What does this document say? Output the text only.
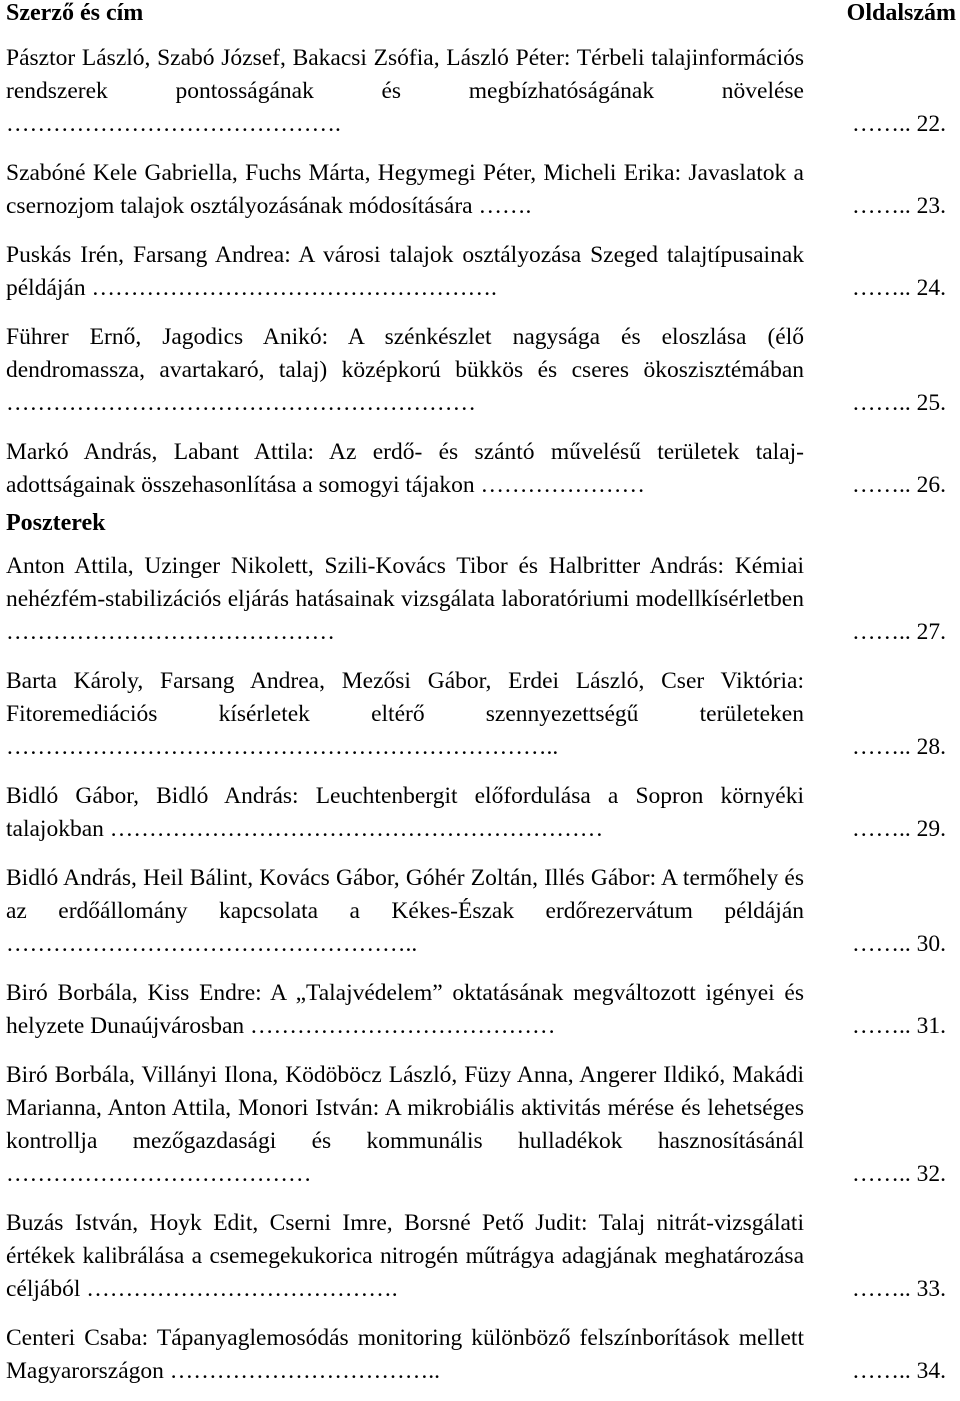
Szerző és cím	Oldalszám
Pásztor László, Szabó József, Bakacsi Zsófia, László Péter: Térbeli talajinformációs rendszerek pontosságának és megbízhatóságának növelése …………………………………….	…….. 22.
Szabóné Kele Gabriella, Fuchs Márta, Hegymegi Péter, Micheli Erika: Javaslatok a csernozjom talajok osztályozásának módosítására …….	…….. 23.
Puskás Irén, Farsang Andrea: A városi talajok osztályozása Szeged talajtípusainak példáján …………………………………………….	…….. 24.
Führer Ernő, Jagodics Anikó: A szénkészlet nagysága és eloszlása (élő dendromassza, avartakaró, talaj) középkorú bükkös és cseres ökoszisztémában ……………………………………………………	…….. 25.
Markó András, Labant Attila: Az erdő- és szántó művelésű területek talaj-adottságainak összehasonlítása a somogyi tájakon …………………	…….. 26.
Poszterek
Anton Attila, Uzinger Nikolett, Szili-Kovács Tibor és Halbritter András: Kémiai nehézfém-stabilizációs eljárás hatásainak vizsgálata laboratóriumi modellkísérletben ……………………………………	…….. 27.
Barta Károly, Farsang Andrea, Mezősi Gábor, Erdei László, Cser Viktória: Fitoremediációs kísérletek eltérő szennyezettségű területeken ……………………………………………………………..	…….. 28.
Bidló Gábor, Bidló András: Leuchtenbergit előfordulása a Sopron környéki talajokban ………………………………………………………	…….. 29.
Bidló András, Heil Bálint, Kovács Gábor, Góhér Zoltán, Illés Gábor: A termőhely és az erdőállomány kapcsolata a Kékes-Észak erdőrezervátum példáján ……………………………………………..	…….. 30.
Biró Borbála, Kiss Endre: A „Talajvédelem” oktatásának megváltozott igényei és helyzete Dunaújvárosban …………………………………	…….. 31.
Biró Borbála, Villányi Ilona, Ködöböcz László, Füzy Anna, Angerer Ildikó, Makádi Marianna, Anton Attila, Monori István: A mikrobiális aktivitás mérése és lehetséges kontrollja mezőgazdasági és kommunális hulladékok hasznosításánál …………………………………	…….. 32.
Buzás István, Hoyk Edit, Cserni Imre, Borsné Pető Judit: Talaj nitrát-vizsgálati értékek kalibrálása a csemegekukorica nitrogén műtrágya adagjának meghatározása céljából ………………………………….	…….. 33.
Centeri Csaba: Tápanyaglemosódás monitoring különböző felszínborítások mellett Magyarországon ……………………………..	…….. 34.
